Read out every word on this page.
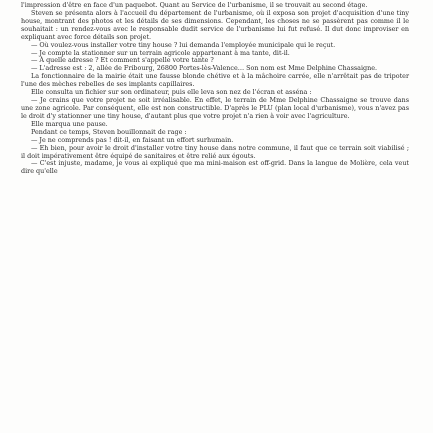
l'impression d'être en face d'un paquebot. Quant au Service de l'urbanisme, il se trouvait au second étage.

Steven se présenta alors à l'accueil du département de l'urbanisme, où il exposa son projet d'acquisition d'une tiny house, montrant des photos et les détails de ses dimensions. Cependant, les choses ne se passèrent pas comme il le souhaitait : un rendez-vous avec le responsable dudit service de l'urbanisme lui fut refusé. Il dut donc improviser en expliquant avec force détails son projet.

— Où voulez-vous installer votre tiny house ? lui demanda l'employée municipale qui le reçut.

— Je compte la stationner sur un terrain agricole appartenant à ma tante, dit-il.

— À quelle adresse ? Et comment s'appelle votre tante ?

— L'adresse est : 2, allée de Fribourg, 26800 Portes-lès-Valence… Son nom est Mme Delphine Chassaigne.

La fonctionnaire de la mairie était une fausse blonde chétive et à la mâchoire carrée, elle n'arrêtait pas de tripoter l'une des mèches rebelles de ses implants capillaires.

Elle consulta un fichier sur son ordinateur, puis elle leva son nez de l'écran et asséna :

— Je crains que votre projet ne soit irréalisable. En effet, le terrain de Mme Delphine Chassaigne se trouve dans une zone agricole. Par conséquent, elle est non constructible. D'après le PLU (plan local d'urbanisme), vous n'avez pas le droit d'y stationner une tiny house, d'autant plus que votre projet n'a rien à voir avec l'agriculture.

Elle marqua une pause.

Pendant ce temps, Steven bouillonnait de rage :

— Je ne comprends pas ! dit-il, en faisant un effort surhumain.

— Eh bien, pour avoir le droit d'installer votre tiny house dans notre commune, il faut que ce terrain soit viabilisé ; il doit impérativement être équipé de sanitaires et être relié aux égouts.

— C'est injuste, madame, je vous ai expliqué que ma mini-maison est off-grid. Dans la langue de Molière, cela veut dire qu'elle
